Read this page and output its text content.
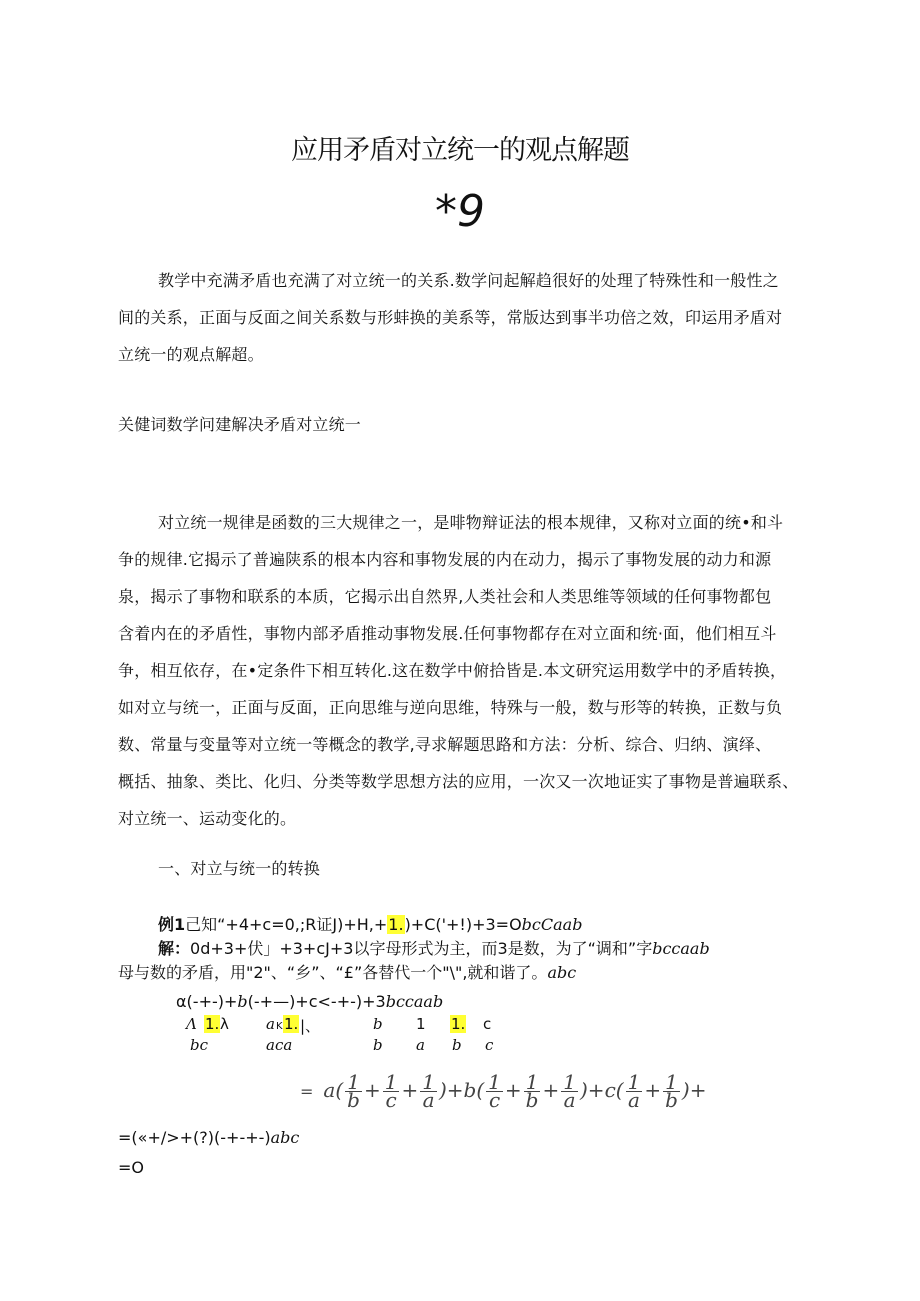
应用矛盾对立统一的观点解题
*9

教学中充满矛盾也充满了对立统一的关系.数学问起解趋很好的处理了特殊性和一般性之

间的关系，正面与反面之间关系数与形蚌换的美系等，常版达到事半功倍之效，印运用矛盾对

立统一的观点解超。

关健词数学问建解决矛盾对立统一

对立统一规律是函数的三大规律之一，是啡物辩证法的根本规律，又称对立面的统•和斗

争的规律.它揭示了普遍陕系的根本内容和事物发展的内在动力，揭示了事物发展的动力和源

泉，揭示了事物和联系的本质，它揭示出自然界,人类社会和人类思维等领域的任何事物都包

含着内在的矛盾性，事物内部矛盾推动事物发展.任何事物都存在对立面和统·面，他们相互斗

争，相互依存，在•定条件下相互转化.这在数学中俯拾皆是.本文研究运用数学中的矛盾转换，

如对立与统一，正面与反面，正向思维与逆向思维，特殊与一般，数与形等的转换，正数与负

数、常量与变量等对立统一等概念的教学,寻求解题思路和方法：分析、综合、归纳、演绎、

概括、抽象、类比、化归、分类等数学思想方法的应用，一次又一次地证实了事物是普遍联系、

对立统一、运动变化的。

一、对立与统一的转换
例1己知“+4+c=0,;R证J)+H,+1.)+C('+!)+3=ObcCaab
解：0d+3+伏」+3+cJ+3以字母形式为主，而3是数，为了“调和”字bccaab
母与数的矛盾，用"2"、“乡”、“£”各替代一个"\",就和谐了。abc
α(-+-)+b(-+—)+c<-+-)+3bccaab
Λ 1. λ a K 1. |、	b 1 1. c
bc	aca	b a b c
= $a( \frac{1}{b} + \frac{1}{c} + \frac{1}{a} )+b( \frac{1}{c} + \frac{1}{b} + \frac{1}{a} )+c( \frac{1}{a} + \frac{1}{b}$ )+
=(«+/>+(?)(-+-+-)abc
=O
